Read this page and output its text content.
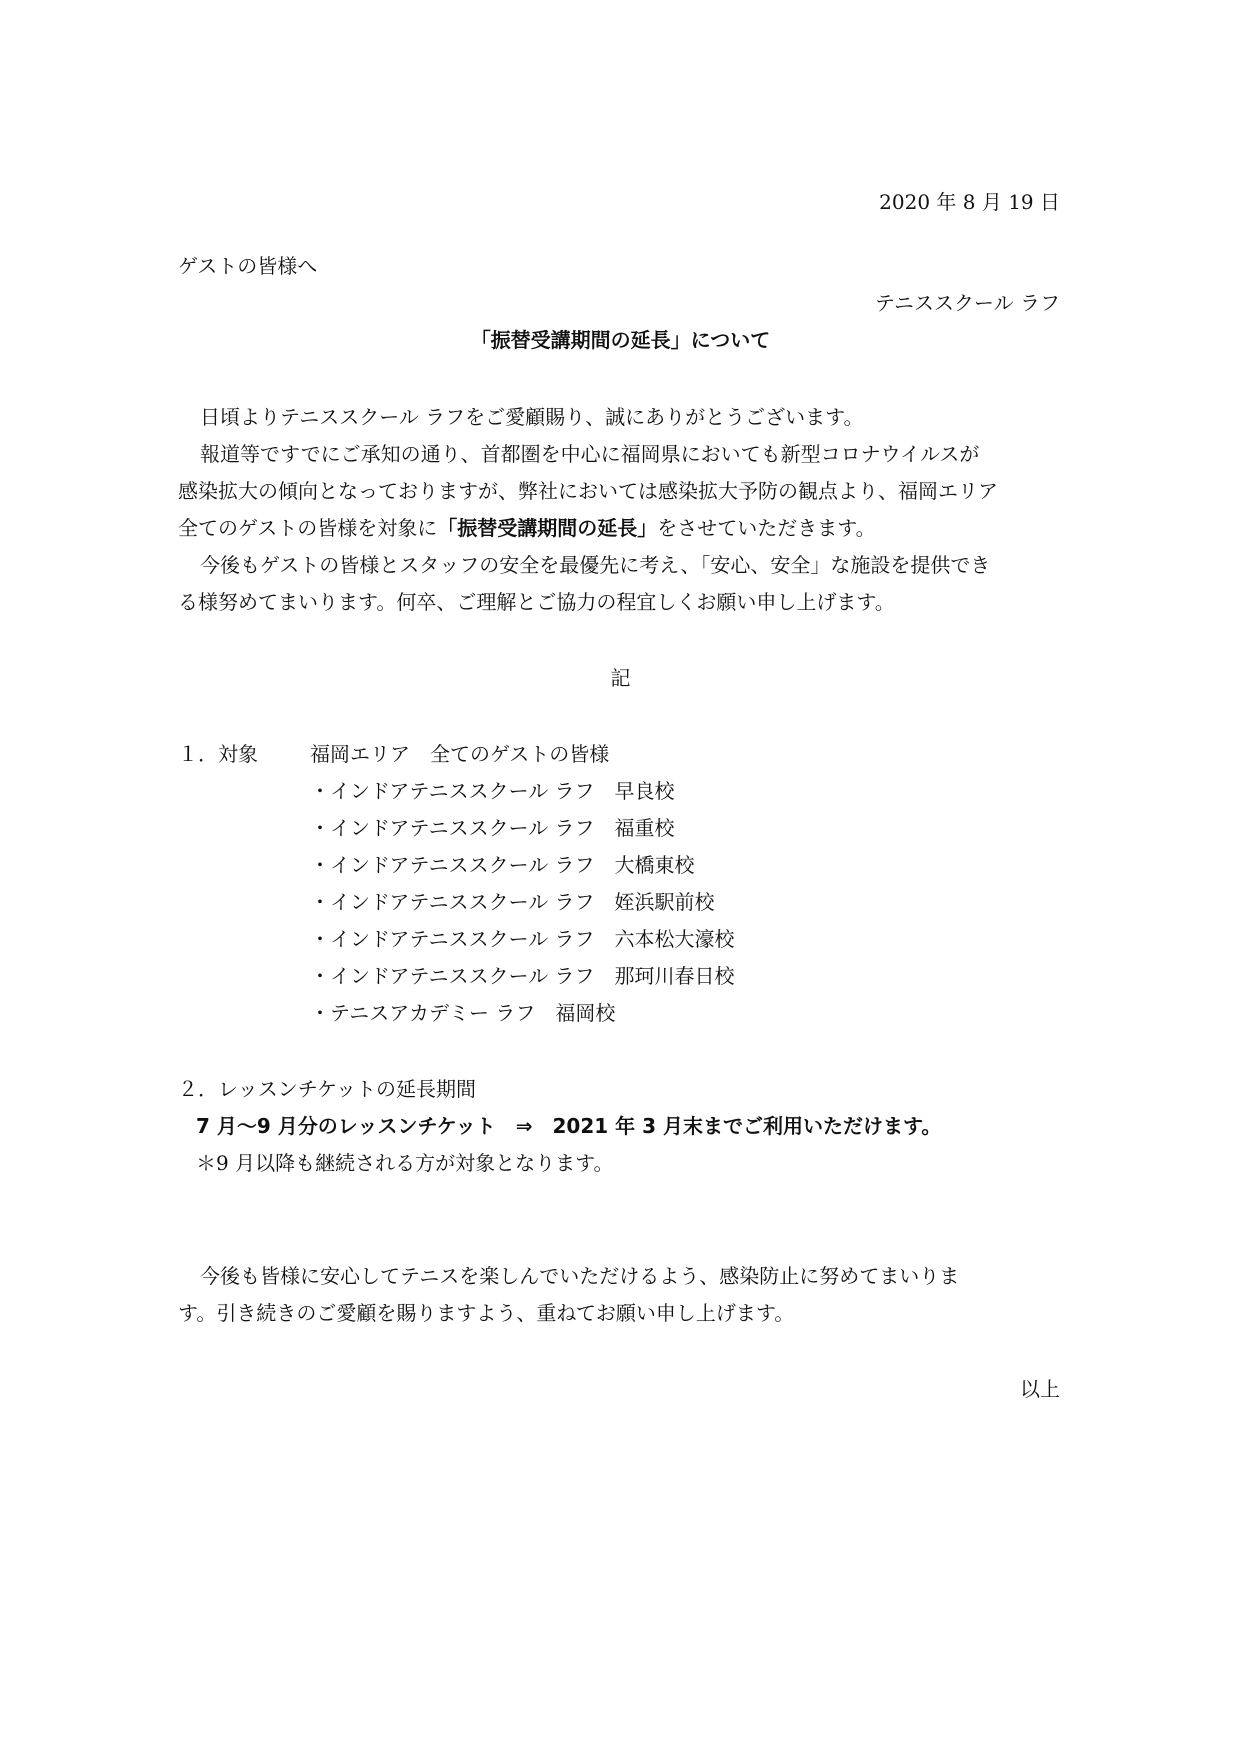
2020 年 8 月 19 日
ゲストの皆様へ
テニススクール ラフ
「振替受講期間の延長」について
日頃よりテニススクール ラフをご愛顧賜り、誠にありがとうございます。
報道等ですでにご承知の通り、首都圏を中心に福岡県においても新型コロナウイルスが
感染拡大の傾向となっておりますが、弊社においては感染拡大予防の観点より、福岡エリア
全てのゲストの皆様を対象に「振替受講期間の延長」をさせていただきます。
今後もゲストの皆様とスタッフの安全を最優先に考え、「安心、安全」な施設を提供でき
る様努めてまいります。何卒、ご理解とご協力の程宜しくお願い申し上げます。
記
１．対象	福岡エリア　全てのゲストの皆様
・インドアテニススクール ラフ　早良校
・インドアテニススクール ラフ　福重校
・インドアテニススクール ラフ　大橋東校
・インドアテニススクール ラフ　姪浜駅前校
・インドアテニススクール ラフ　六本松大濠校
・インドアテニススクール ラフ　那珂川春日校
・テニスアカデミー ラフ　福岡校
２．レッスンチケットの延長期間
7 月〜9 月分のレッスンチケット　⇒　2021 年 3 月末までご利用いただけます。
＊9 月以降も継続される方が対象となります。
今後も皆様に安心してテニスを楽しんでいただけるよう、感染防止に努めてまいりま
す。引き続きのご愛顧を賜りますよう、重ねてお願い申し上げます。
以上
